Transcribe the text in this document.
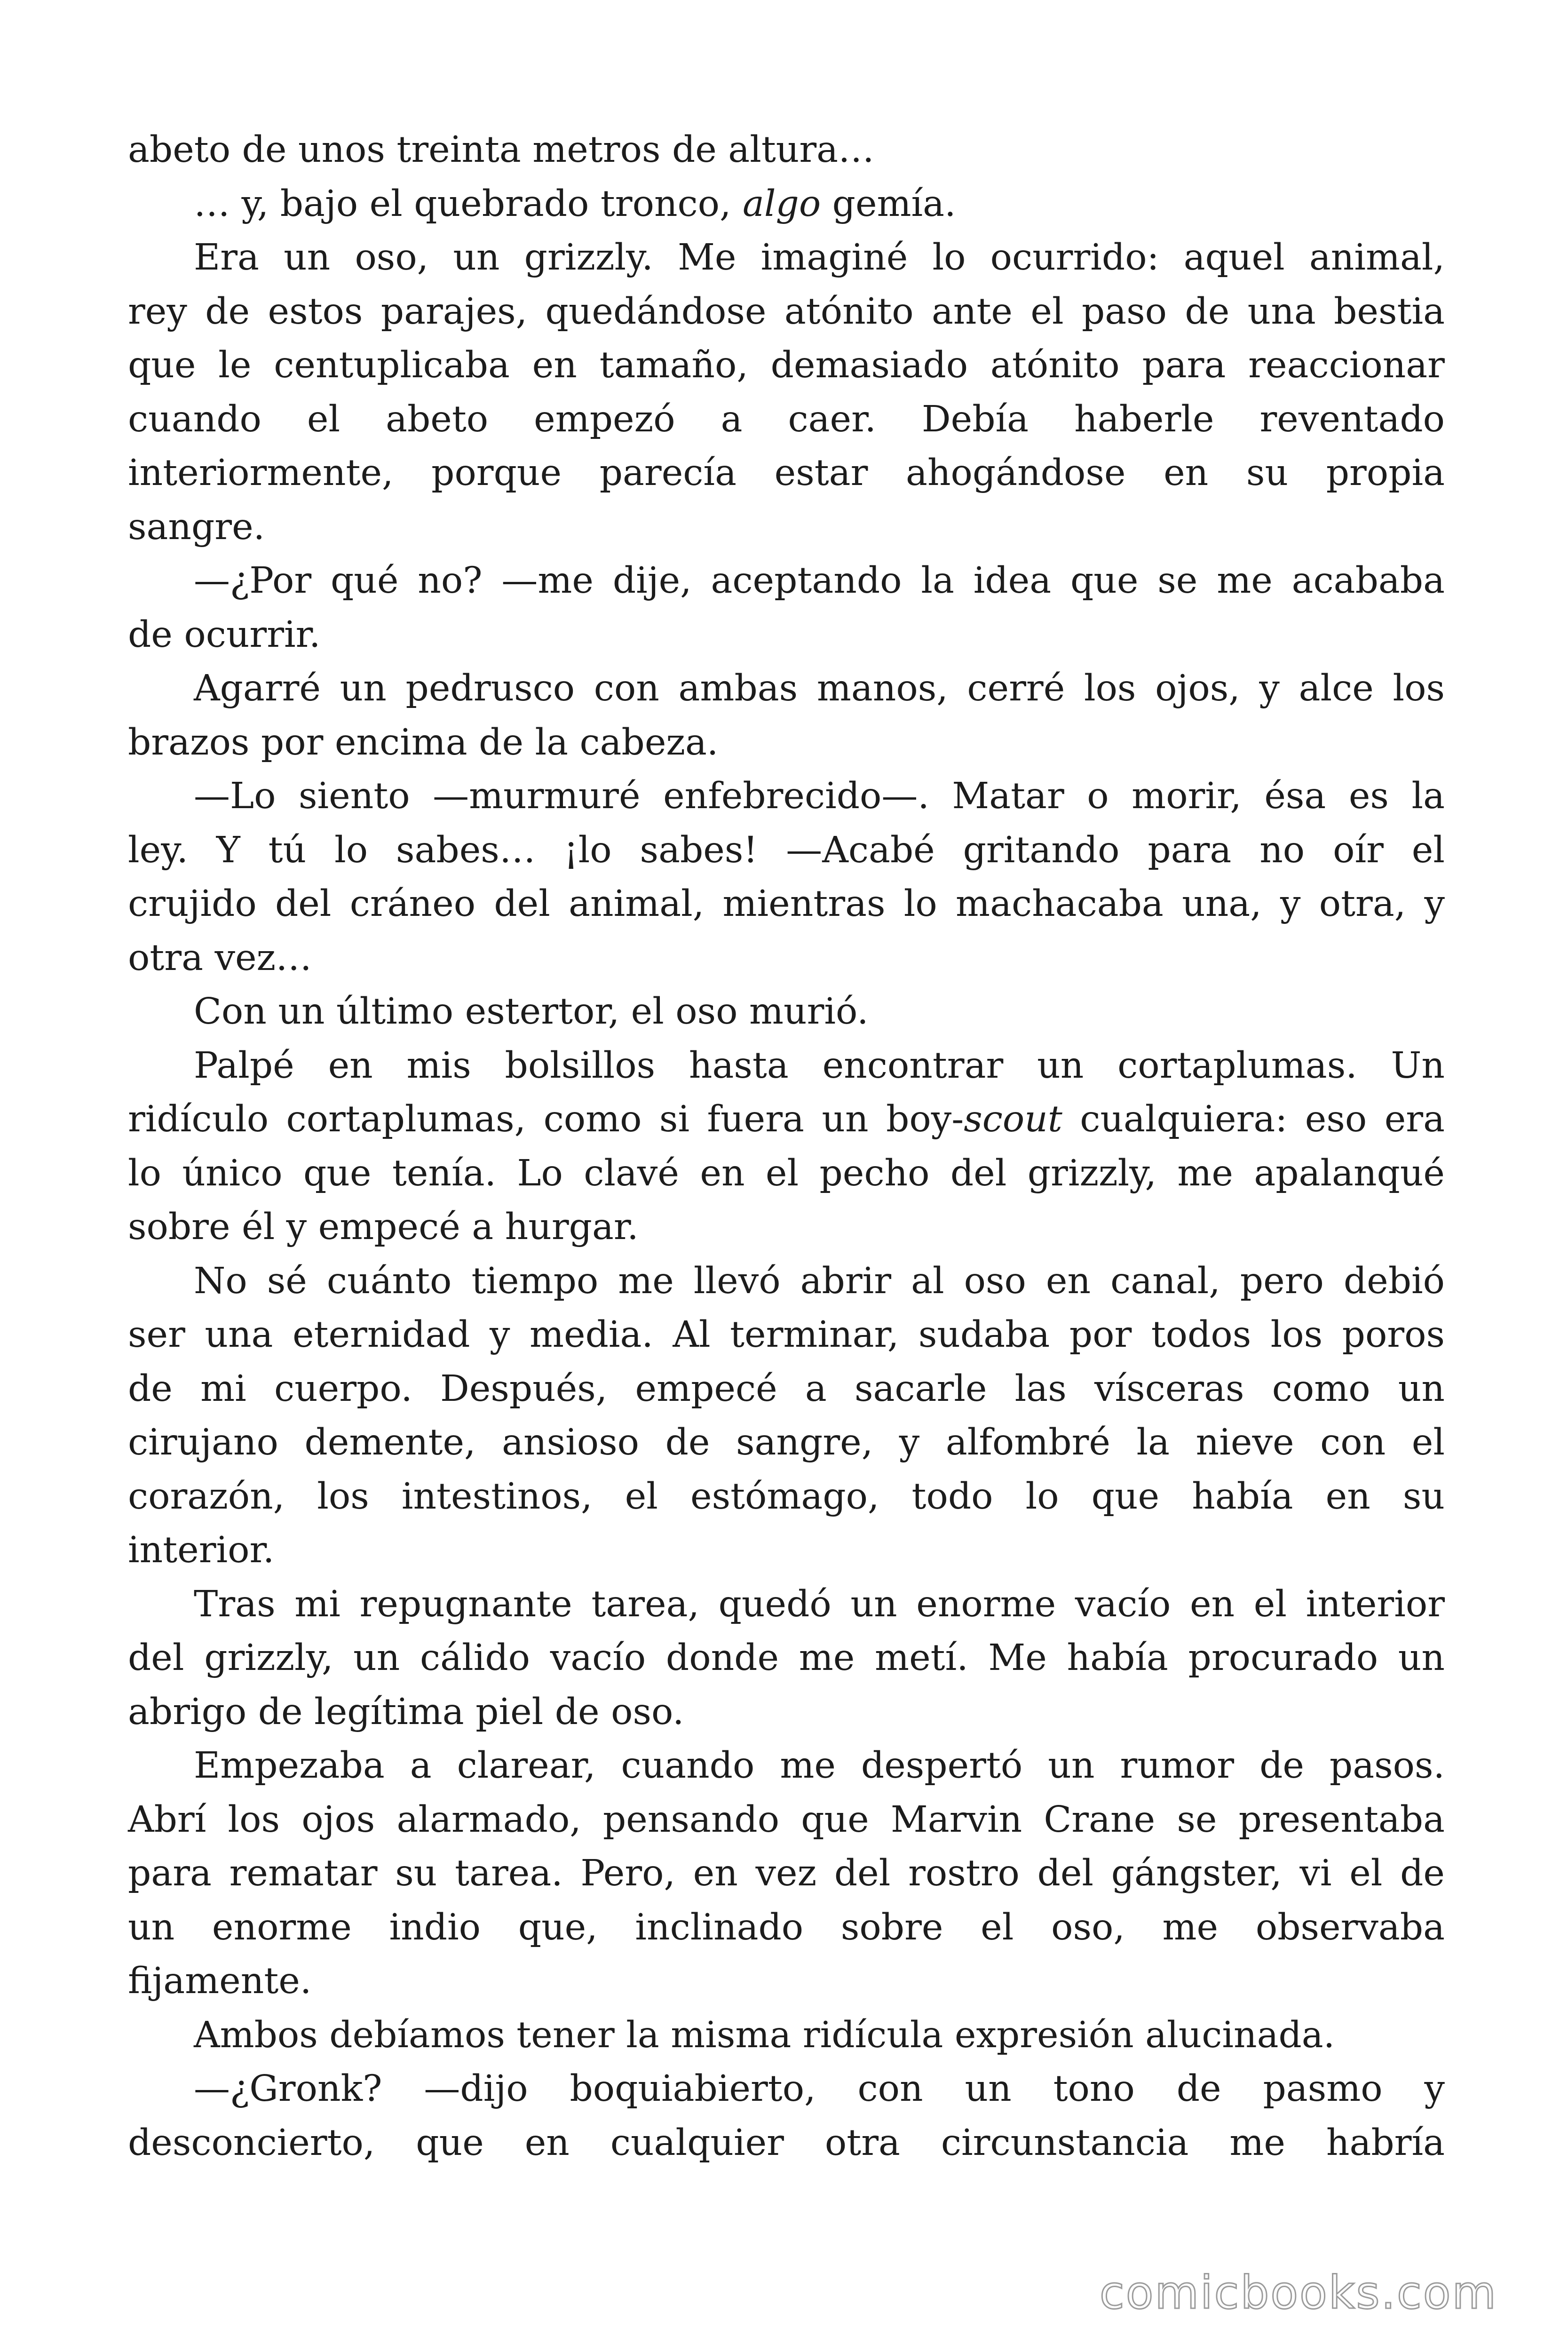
abeto de unos treinta metros de altura…
… y, bajo el quebrado tronco, algo gemía.
Era un oso, un grizzly. Me imaginé lo ocurrido: aquel animal,
rey de estos parajes, quedándose atónito ante el paso de una bestia
que le centuplicaba en tamaño, demasiado atónito para reaccionar
cuando el abeto empezó a caer. Debía haberle reventado
interiormente, porque parecía estar ahogándose en su propia
sangre.
—¿Por qué no? —me dije, aceptando la idea que se me acababa
de ocurrir.
Agarré un pedrusco con ambas manos, cerré los ojos, y alce los
brazos por encima de la cabeza.
—Lo siento —murmuré enfebrecido—. Matar o morir, ésa es la
ley. Y tú lo sabes… ¡lo sabes! —Acabé gritando para no oír el
crujido del cráneo del animal, mientras lo machacaba una, y otra, y
otra vez…
Con un último estertor, el oso murió.
Palpé en mis bolsillos hasta encontrar un cortaplumas. Un
ridículo cortaplumas, como si fuera un boy-scout cualquiera: eso era
lo único que tenía. Lo clavé en el pecho del grizzly, me apalanqué
sobre él y empecé a hurgar.
No sé cuánto tiempo me llevó abrir al oso en canal, pero debió
ser una eternidad y media. Al terminar, sudaba por todos los poros
de mi cuerpo. Después, empecé a sacarle las vísceras como un
cirujano demente, ansioso de sangre, y alfombré la nieve con el
corazón, los intestinos, el estómago, todo lo que había en su
interior.
Tras mi repugnante tarea, quedó un enorme vacío en el interior
del grizzly, un cálido vacío donde me metí. Me había procurado un
abrigo de legítima piel de oso.
Empezaba a clarear, cuando me despertó un rumor de pasos.
Abrí los ojos alarmado, pensando que Marvin Crane se presentaba
para rematar su tarea. Pero, en vez del rostro del gángster, vi el de
un enorme indio que, inclinado sobre el oso, me observaba
fijamente.
Ambos debíamos tener la misma ridícula expresión alucinada.
—¿Gronk? —dijo boquiabierto, con un tono de pasmo y
desconcierto, que en cualquier otra circunstancia me habría
comicbooks.com
